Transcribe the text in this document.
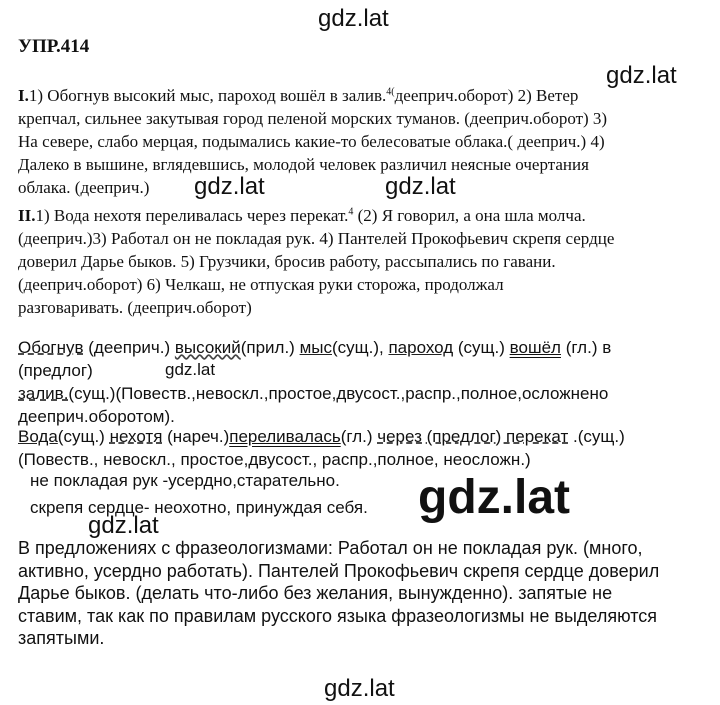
gdz.lat
gdz.lat
gdz.lat	gdz.lat
gdz.lat
gdz.lat
gdz.lat
gdz.lat
УПР.414
I.1) Обогнув высокий мыс, пароход вошёл в залив.$^{4(}$дееприч.оборот) 2) Ветер
крепчал, сильнее закутывая город пеленой морских туманов. (дееприч.оборот) 3)
На севере, слабо мерцая, подымались какие-то белесоватые облака.( дееприч.) 4)
Далеко в вышине, вглядевшись, молодой человек различил неясные очертания
облака. (дееприч.)
II.1) Вода нехотя переливалась через перекат.$^4$ (2) Я говорил, а она шла молча.
(дееприч.)3) Работал он не покладая рук. 4) Пантелей Прокофьевич скрепя сердце
доверил Дарье быков. 5) Грузчики, бросив работу, рассыпались по гавани.
(дееприч.оборот) 6) Челкаш, не отпуская руки сторожа, продолжал
разговаривать. (дееприч.оборот)
Обогнув (дееприч.) высокий(прил.) мыс(сущ.), пароход (сущ.) вошёл (гл.) в
(предлог)
залив.(сущ.)(Повеств.,невоскл.,простое,двусост.,распр.,полное,осложнено
дееприч.оборотом).
Вода(сущ.) нехотя (нареч.)переливалась(гл.) через (предлог) перекат .(сущ.)
(Повеств., невоскл., простое,двусост., распр.,полное, неосложн.)
не покладая рук -усердно,старательно.
скрепя сердце- неохотно, принуждая себя.
В предложениях с фразеологизмами: Работал он не покладая рук. (много,
активно, усердно работать). Пантелей Прокофьевич скрепя сердце доверил
Дарье быков. (делать что-либо без желания, вынужденно). запятые не
ставим, так как по правилам русского языка фразеологизмы не выделяются
запятыми.
